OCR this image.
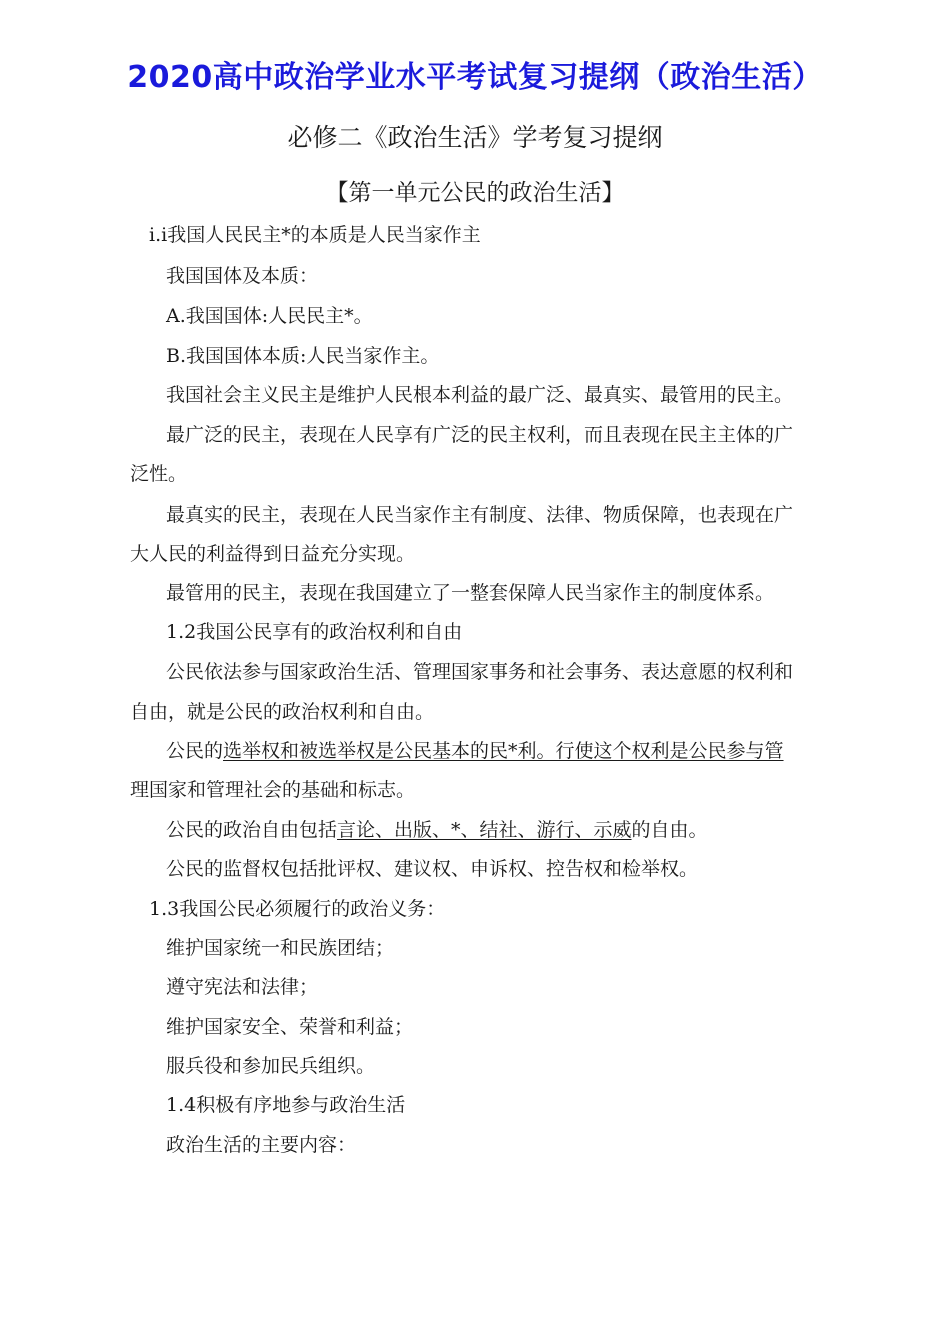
2020高中政治学业水平考试复习提纲（政治生活）
必修二《政治生活》学考复习提纲
【第一单元公民的政治生活】
i.i我国人民民主*的本质是人民当家作主
我国国体及本质：
A.我国国体:人民民主*。
B.我国国体本质:人民当家作主。
我国社会主义民主是维护人民根本利益的最广泛、最真实、最管用的民主。
最广泛的民主，表现在人民享有广泛的民主权利，而且表现在民主主体的广
泛性。
最真实的民主，表现在人民当家作主有制度、法律、物质保障，也表现在广
大人民的利益得到日益充分实现。
最管用的民主，表现在我国建立了一整套保障人民当家作主的制度体系。
1.2我国公民享有的政治权利和自由
公民依法参与国家政治生活、管理国家事务和社会事务、表达意愿的权利和
自由，就是公民的政治权利和自由。
公民的选举权和被选举权是公民基本的民*利。行使这个权利是公民参与管
理国家和管理社会的基础和标志。
公民的政治自由包括言论、出版、*、结社、游行、示威的自由。
公民的监督权包括批评权、建议权、申诉权、控告权和检举权。
1.3我国公民必须履行的政治义务：
维护国家统一和民族团结；
遵守宪法和法律；
维护国家安全、荣誉和利益；
服兵役和参加民兵组织。
1.4积极有序地参与政治生活
政治生活的主要内容：
